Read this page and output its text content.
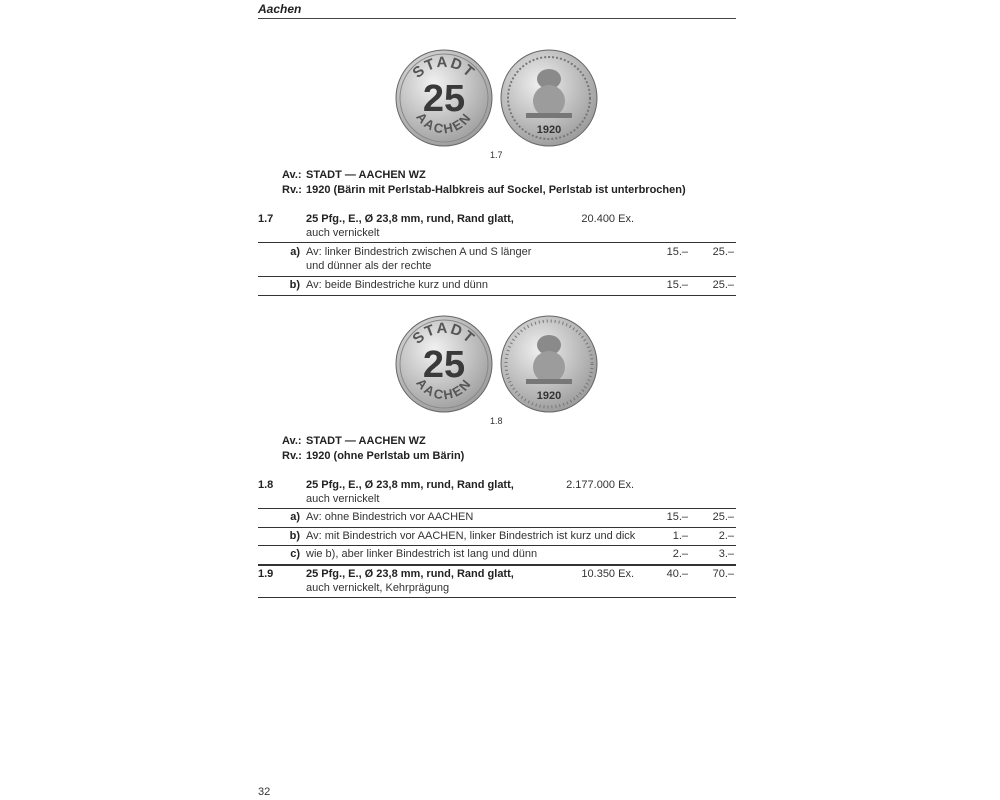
Aachen
STADT
25
AACHEN
1920
1.7
Av.: STADT — AACHEN WZ
Rv.: 1920 (Bärin mit Perlstab-Halbkreis auf Sockel, Perlstab ist unterbrochen)
1.7	25 Pfg., E., Ø 23,8 mm, rund, Rand glatt,
auch vernickelt
20.400 Ex.
a) Av: linker Bindestrich zwischen A und S länger
und dünner als der rechte
15.–	25.–
b) Av: beide Bindestriche kurz und dünn	15.–	25.–
STADT
25
AACHEN
1920
1.8
Av.: STADT — AACHEN WZ
Rv.: 1920 (ohne Perlstab um Bärin)
1.8	25 Pfg., E., Ø 23,8 mm, rund, Rand glatt,
auch vernickelt
2.177.000 Ex.
a) Av: ohne Bindestrich vor AACHEN	15.–	25.–
b) Av: mit Bindestrich vor AACHEN, linker Bindestrich ist kurz und dick	1.–	2.–
c) wie b), aber linker Bindestrich ist lang und dünn	2.–	3.–
1.9	25 Pfg., E., Ø 23,8 mm, rund, Rand glatt,
auch vernickelt, Kehrprägung
10.350 Ex.	40.–	70.–
32
